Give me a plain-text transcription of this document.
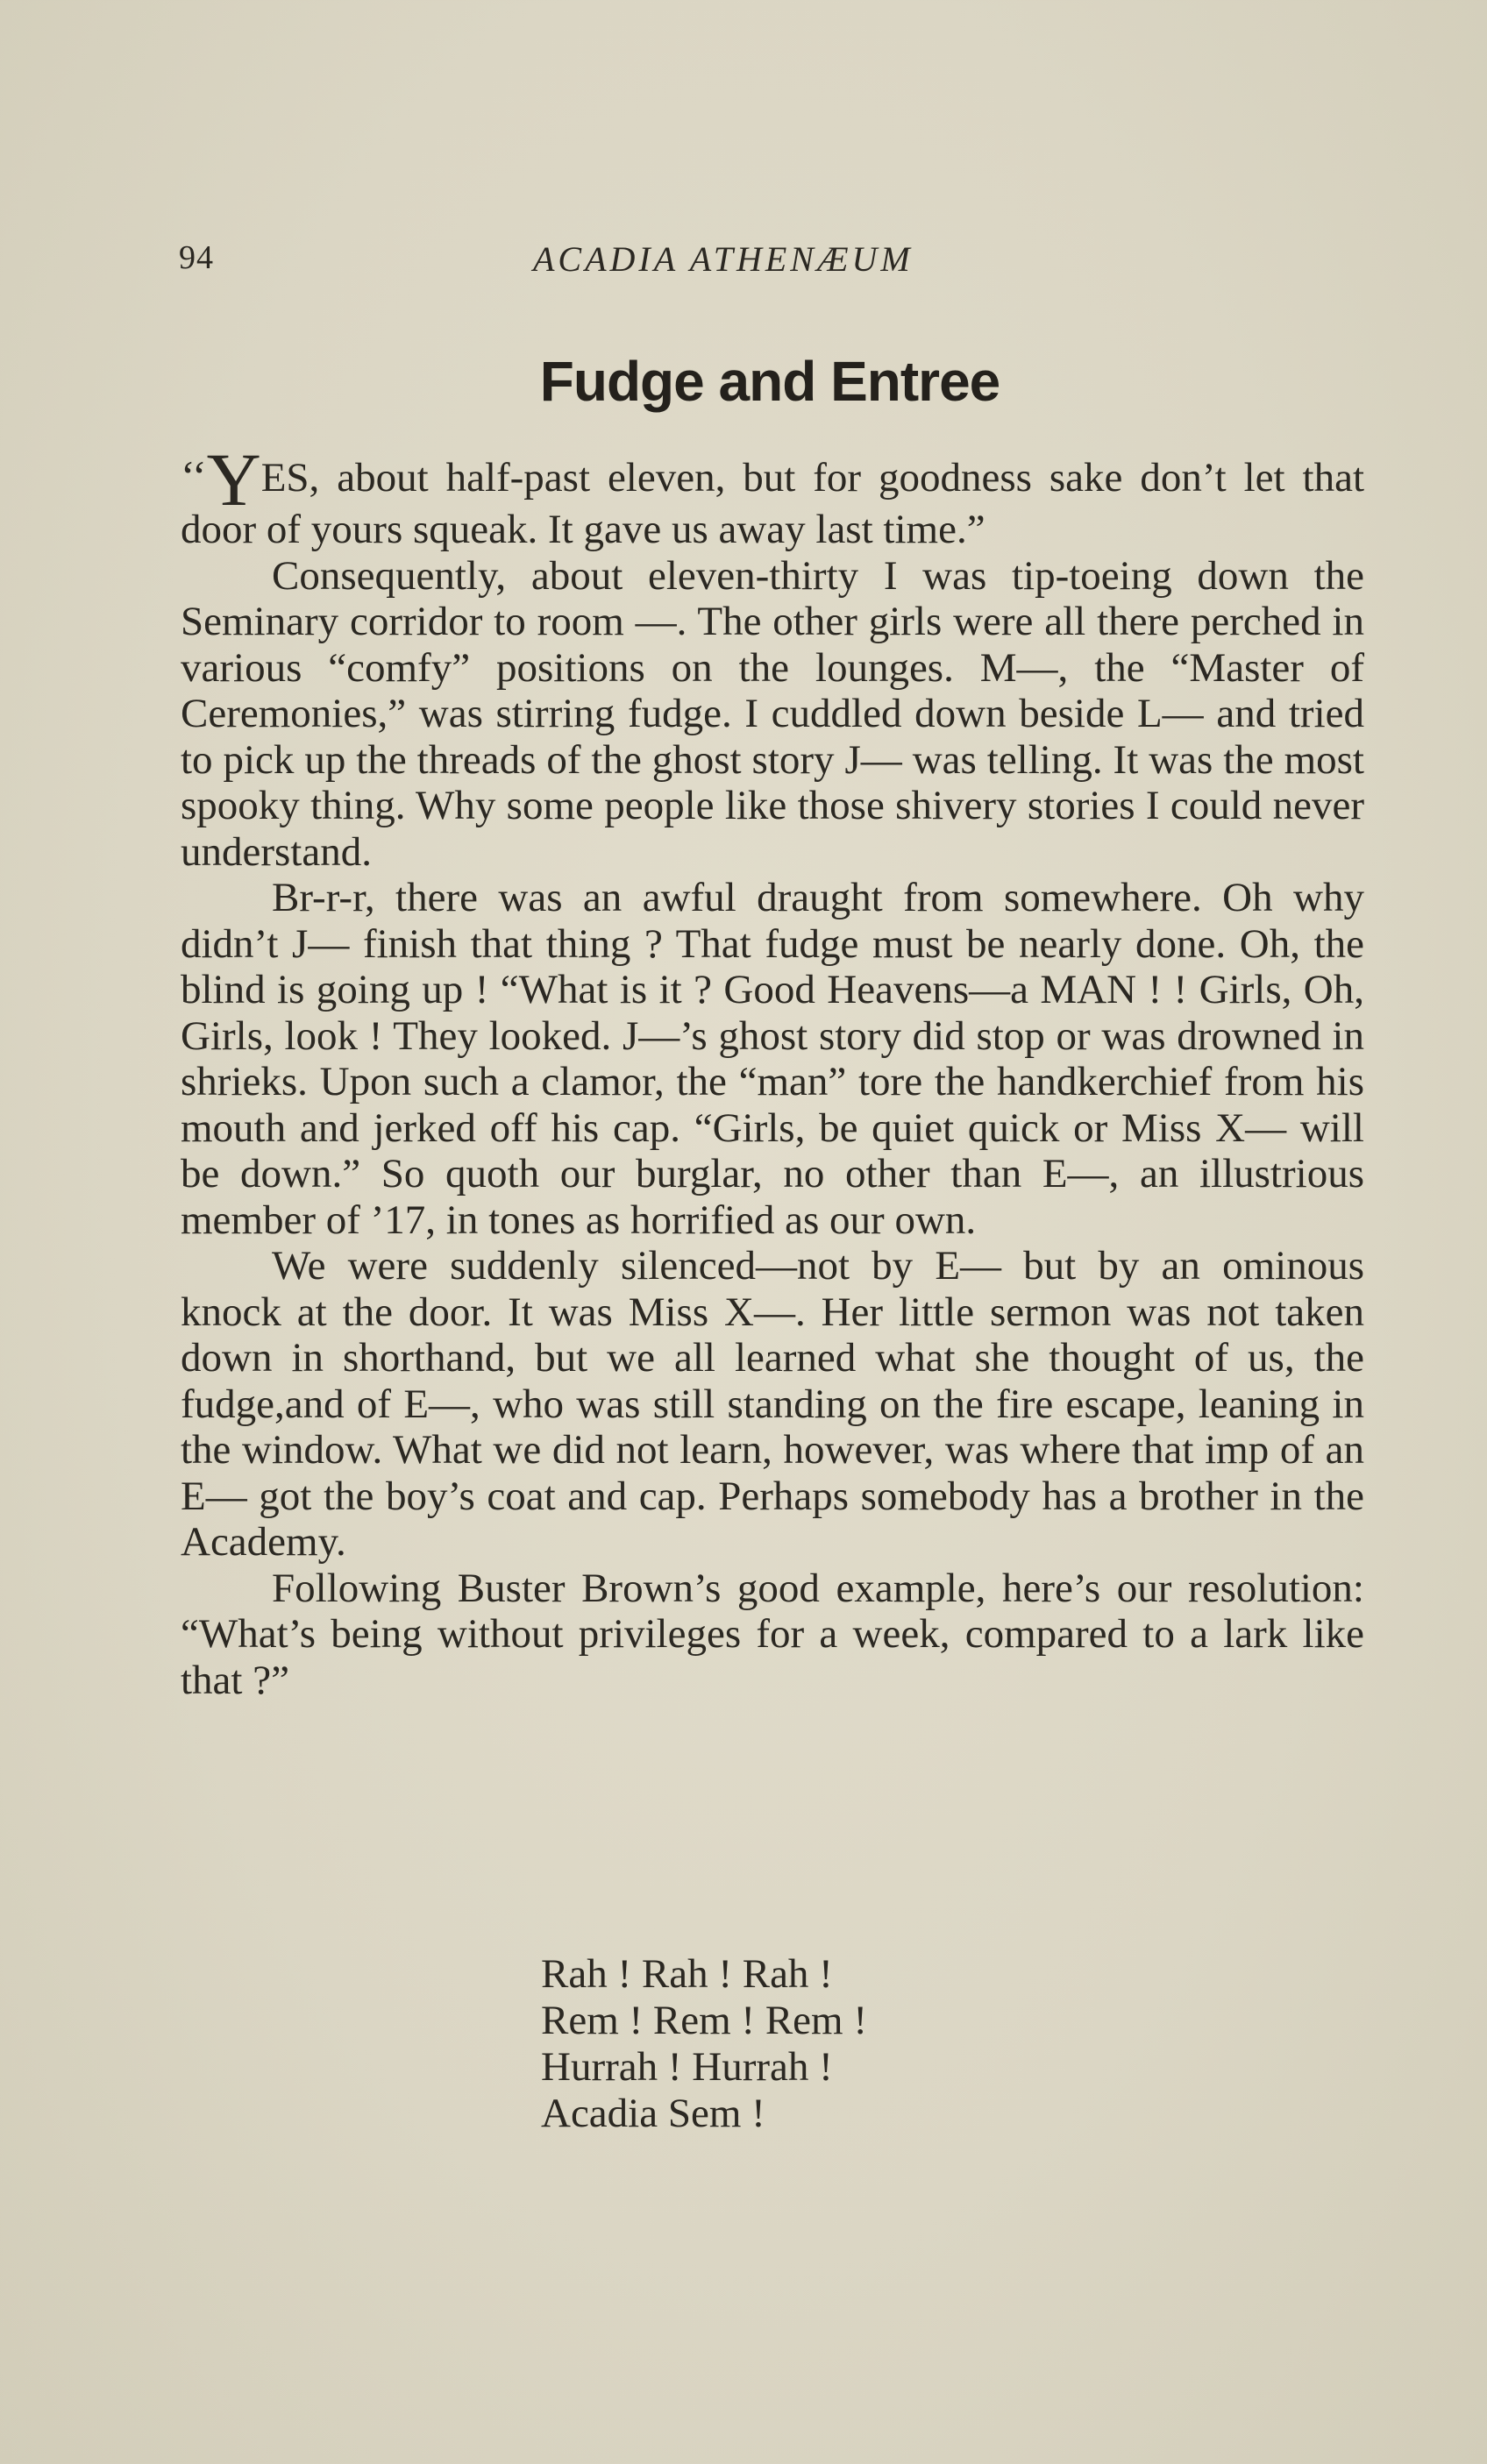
94	ACADIA ATHENÆUM
Fudge and Entree

‘‘YES, about half-past eleven, but for goodness sake don’t let that door of yours squeak. It gave us away last time.”

Consequently, about eleven-thirty I was tip-toeing down the Seminary corridor to room —. The other girls were all there perched in various “comfy” positions on the lounges. M—, the “Master of Ceremonies,” was stirring fudge. I cuddled down beside L— and tried to pick up the threads of the ghost story J— was telling. It was the most spooky thing. Why some people like those shivery stories I could never understand.

Br-r-r, there was an awful draught from somewhere. Oh why didn’t J— finish that thing ? That fudge must be nearly done. Oh, the blind is going up ! “What is it ? Good Heavens—a MAN ! ! Girls, Oh, Girls, look ! They looked. J—’s ghost story did stop or was drowned in shrieks. Upon such a clamor, the “man” tore the handkerchief from his mouth and jerked off his cap. “Girls, be quiet quick or Miss X— will be down.” So quoth our burglar, no other than E—, an illustrious member of ’17, in tones as horrified as our own.

We were suddenly silenced—not by E— but by an ominous knock at the door. It was Miss X—. Her little sermon was not taken down in shorthand, but we all learned what she thought of us, the fudge,and of E—, who was still standing on the fire escape, leaning in the window. What we did not learn, however, was where that imp of an E— got the boy’s coat and cap. Perhaps somebody has a brother in the Academy.

Following Buster Brown’s good example, here’s our resolution: “What’s being without privileges for a week, compared to a lark like that ?”

Rah ! Rah ! Rah !
Rem ! Rem ! Rem !
Hurrah ! Hurrah !
Acadia Sem !
